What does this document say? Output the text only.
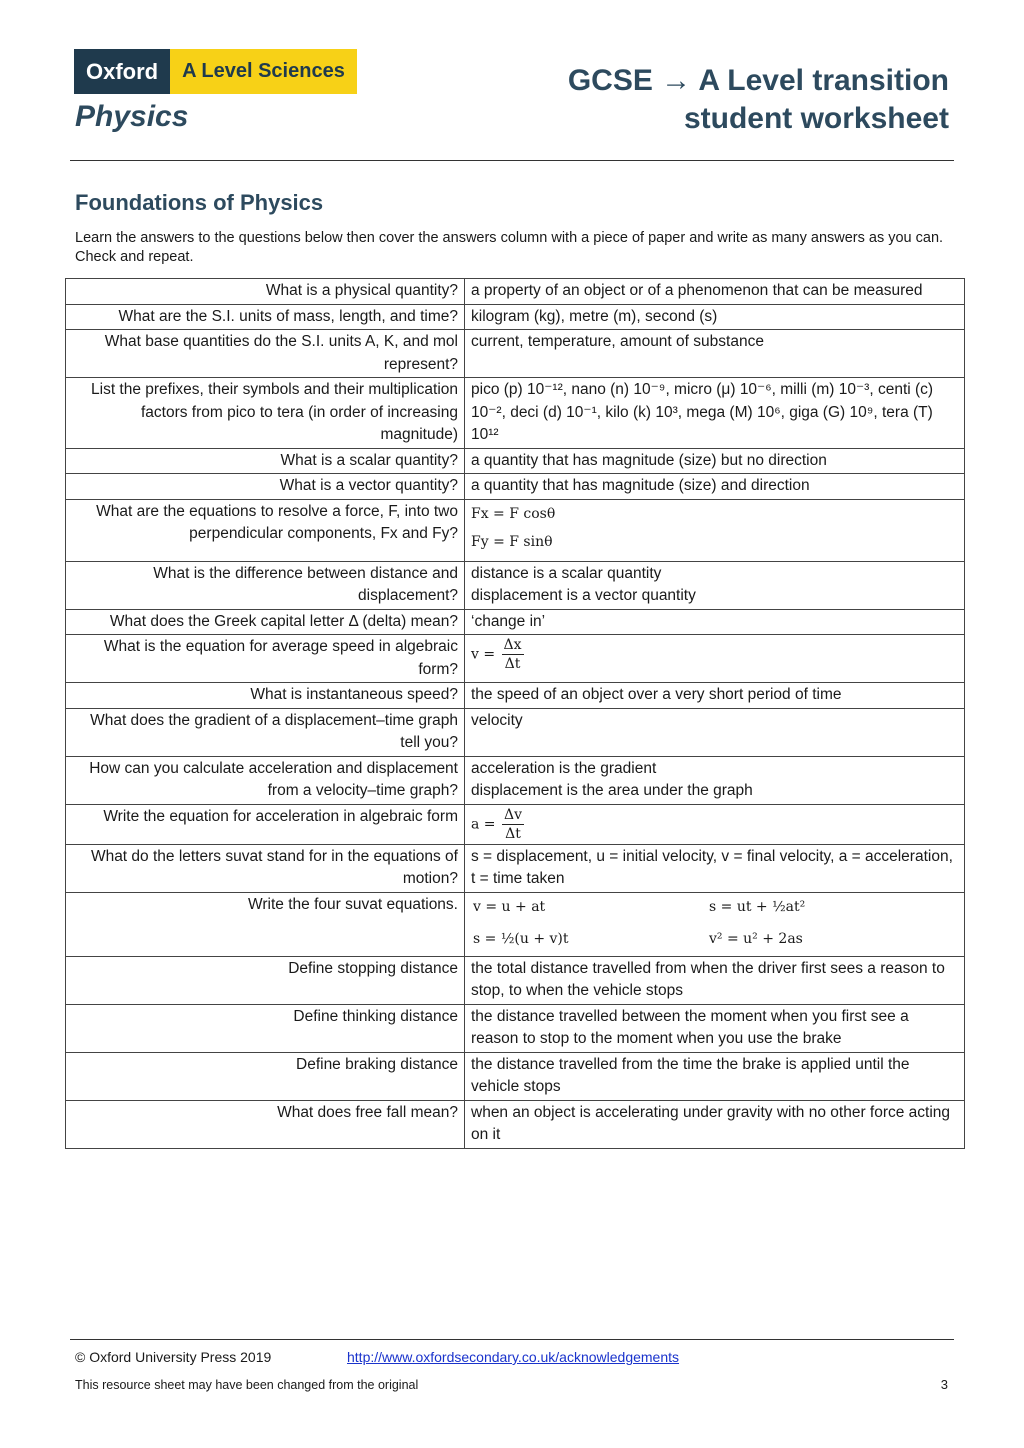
Oxford	A Level Sciences
Physics
GCSE → A Level transition
student worksheet
Foundations of Physics
Learn the answers to the questions below then cover the answers column with a piece of paper and write as many answers as you can. Check and repeat.
What is a physical quantity?	a property of an object or of a phenomenon that can be measured
What are the S.I. units of mass, length, and time?	kilogram (kg), metre (m), second (s)
What base quantities do the S.I. units A, K, and mol represent?	current, temperature, amount of substance
List the prefixes, their symbols and their multiplication factors from pico to tera (in order of increasing magnitude)	pico (p) 10⁻¹², nano (n) 10⁻⁹, micro (μ) 10⁻⁶, milli (m) 10⁻³, centi (c) 10⁻², deci (d) 10⁻¹, kilo (k) 10³, mega (M) 10⁶, giga (G) 10⁹, tera (T) 10¹²
What is a scalar quantity?	a quantity that has magnitude (size) but no direction
What is a vector quantity?	a quantity that has magnitude (size) and direction
What are the equations to resolve a force, F, into two perpendicular components, Fx and Fy?	Fx = F cosθ
Fy = F sinθ

What is the difference between distance and displacement?	distance is a scalar quantity
displacement is a vector quantity

What does the Greek capital letter Δ (delta) mean?	‘change in’
What is the equation for average speed in algebraic form?	$v = \frac{\Delta x}{\Delta t}$

What is instantaneous speed?	the speed of an object over a very short period of time
What does the gradient of a displacement–time graph tell you?	velocity
How can you calculate acceleration and displacement from a velocity–time graph?	acceleration is the gradient
displacement is the area under the graph

Write the equation for acceleration in algebraic form	$a = \frac{\Delta v}{\Delta t}$

What do the letters suvat stand for in the equations of motion?	s = displacement, u = initial velocity, v = final velocity, a = acceleration, t = time taken
Write the four suvat equations.	v = u + at s = ut + ½at²
s = ½(u + v)t v² = u² + 2as

Define stopping distance	the total distance travelled from when the driver first sees a reason to stop, to when the vehicle stops
Define thinking distance	the distance travelled between the moment when you first see a reason to stop to the moment when you use the brake
Define braking distance	the distance travelled from the time the brake is applied until the vehicle stops
What does free fall mean?	when an object is accelerating under gravity with no other force acting on it
© Oxford University Press 2019	http://www.oxfordsecondary.co.uk/acknowledgements
This resource sheet may have been changed from the original	3
